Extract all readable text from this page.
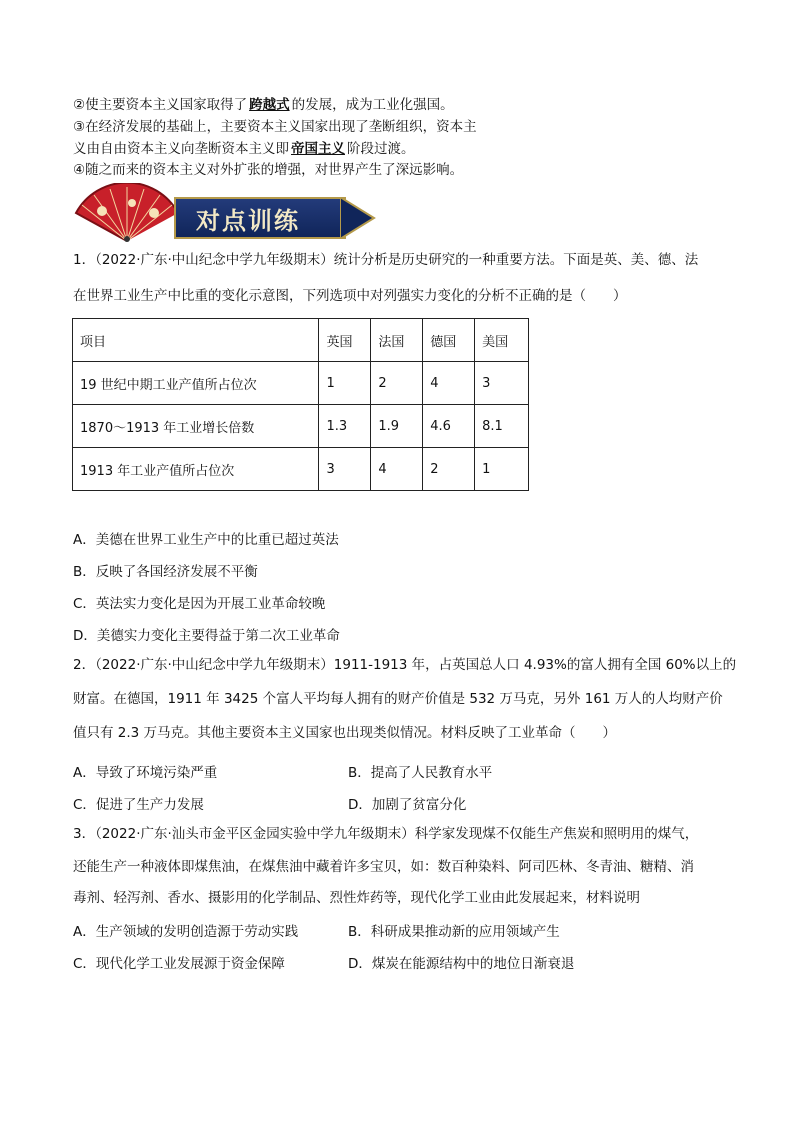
②使主要资本主义国家取得了 跨越式 的发展，成为工业化强国。
③在经济发展的基础上，主要资本主义国家出现了垄断组织，资本主
义由自由资本主义向垄断资本主义即 帝国主义 阶段过渡。
④随之而来的资本主义对外扩张的增强，对世界产生了深远影响。
对点训练
1．（2022·广东·中山纪念中学九年级期末）统计分析是历史研究的一种重要方法。下面是英、美、德、法
在世界工业生产中比重的变化示意图，下列选项中对列强实力变化的分析不正确的是（　　）
项目	英国	法国	德国	美国
19 世纪中期工业产值所占位次	1	2	4	3
1870～1913 年工业增长倍数	1.3	1.9	4.6	8.1
1913 年工业产值所占位次	3	4	2	1
A．美德在世界工业生产中的比重已超过英法
B．反映了各国经济发展不平衡
C．英法实力变化是因为开展工业革命较晚
D．美德实力变化主要得益于第二次工业革命
2．（2022·广东·中山纪念中学九年级期末）1911-1913 年，占英国总人口 4.93%的富人拥有全国 60%以上的
财富。在德国，1911 年 3425 个富人平均每人拥有的财产价值是 532 万马克，另外 161 万人的人均财产价
值只有 2.3 万马克。其他主要资本主义国家也出现类似情况。材料反映了工业革命（　　）
A．导致了环境污染严重	B．提高了人民教育水平
C．促进了生产力发展	D．加剧了贫富分化
3．（2022·广东·汕头市金平区金园实验中学九年级期末）科学家发现煤不仅能生产焦炭和照明用的煤气，
还能生产一种液体即煤焦油，在煤焦油中藏着许多宝贝，如：数百种染料、阿司匹林、冬青油、糖精、消
毒剂、轻泻剂、香水、摄影用的化学制品、烈性炸药等，现代化学工业由此发展起来，材料说明
A．生产领域的发明创造源于劳动实践	B．科研成果推动新的应用领域产生
C．现代化学工业发展源于资金保障	D．煤炭在能源结构中的地位日渐衰退
